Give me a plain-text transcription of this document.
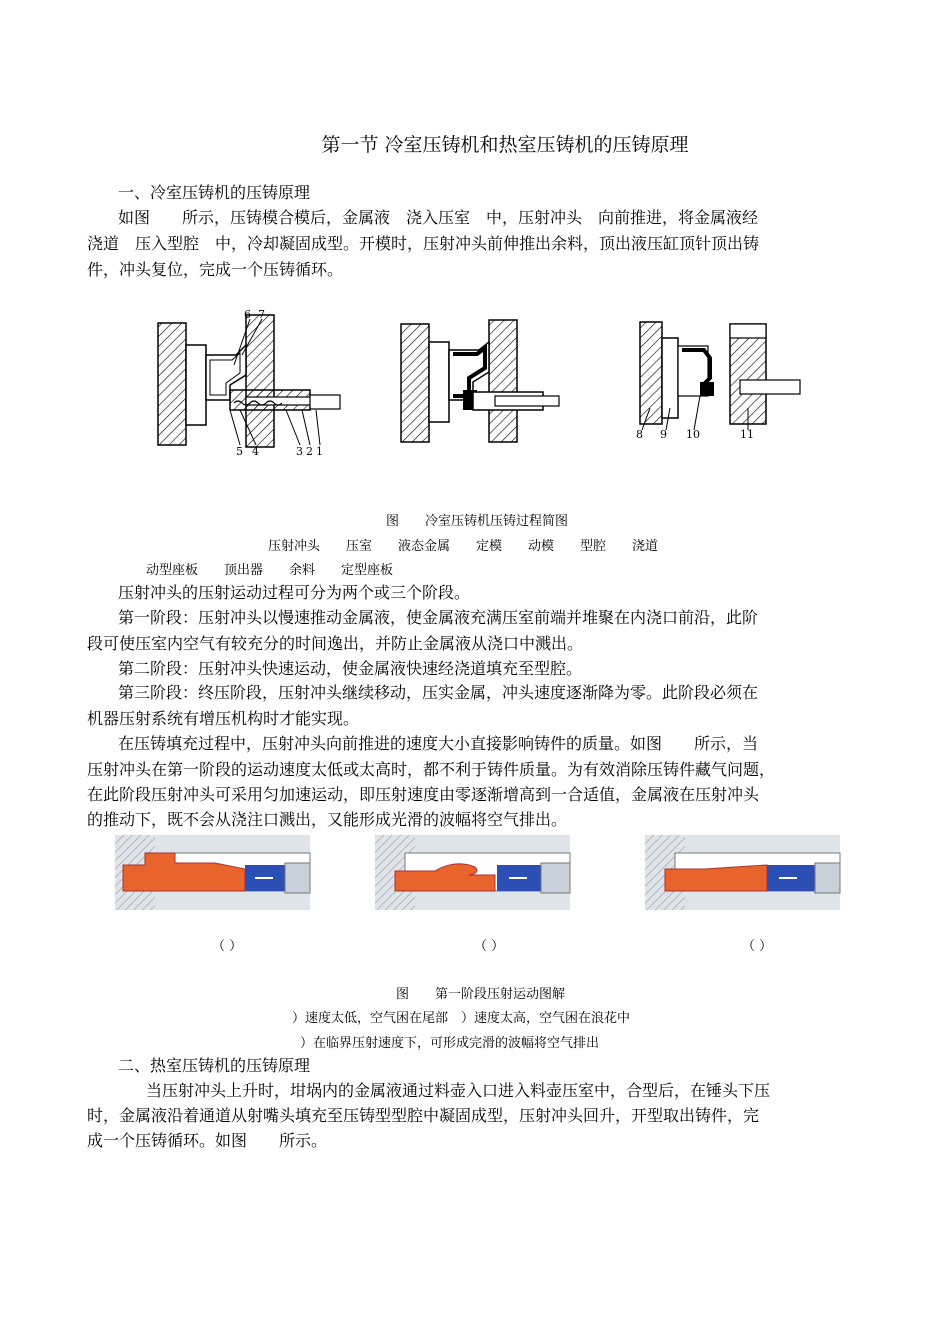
第一节 冷室压铸机和热室压铸机的压铸原理
一、冷室压铸机的压铸原理
如图　　所示，压铸模合模后，金属液　浇入压室　中，压射冲头　向前推进，将金属液经
浇道　压入型腔　中，冷却凝固成型。开模时，压射冲头前伸推出余料，顶出液压缸顶针顶出铸
件，冲头复位，完成一个压铸循环。
6 7
5 4	3 2 1
8 9 10	11
图　　冷室压铸机压铸过程简图
压射冲头　　压室　　液态金属　　定模　　动模　　型腔　　浇道
动型座板　　顶出器　　余料　　定型座板
压射冲头的压射运动过程可分为两个或三个阶段。
第一阶段：压射冲头以慢速推动金属液，使金属液充满压室前端并堆聚在内浇口前沿，此阶
段可使压室内空气有较充分的时间逸出，并防止金属液从浇口中溅出。
第二阶段：压射冲头快速运动，使金属液快速经浇道填充至型腔。
第三阶段：终压阶段，压射冲头继续移动，压实金属，冲头速度逐渐降为零。此阶段必须在
机器压射系统有增压机构时才能实现。
在压铸填充过程中，压射冲头向前推进的速度大小直接影响铸件的质量。如图　　所示，当
压射冲头在第一阶段的运动速度太低或太高时，都不利于铸件质量。为有效消除压铸件藏气问题，
在此阶段压射冲头可采用匀加速运动，即压射速度由零逐渐增高到一合适值，金属液在压射冲头
的推动下，既不会从浇注口溅出，又能形成光滑的波幅将空气排出。
（ ）	（ ）	（ ）
图　　第一阶段压射运动图解
）速度太低，空气困在尾部　）速度太高，空气困在浪花中
）在临界压射速度下，可形成完滑的波幅将空气排出
二、热室压铸机的压铸原理
当压射冲头上升时，坩埚内的金属液通过料壶入口进入料壶压室中，合型后，在锤头下压
时，金属液沿着通道从射嘴头填充至压铸型型腔中凝固成型，压射冲头回升，开型取出铸件，完
成一个压铸循环。如图　　所示。
